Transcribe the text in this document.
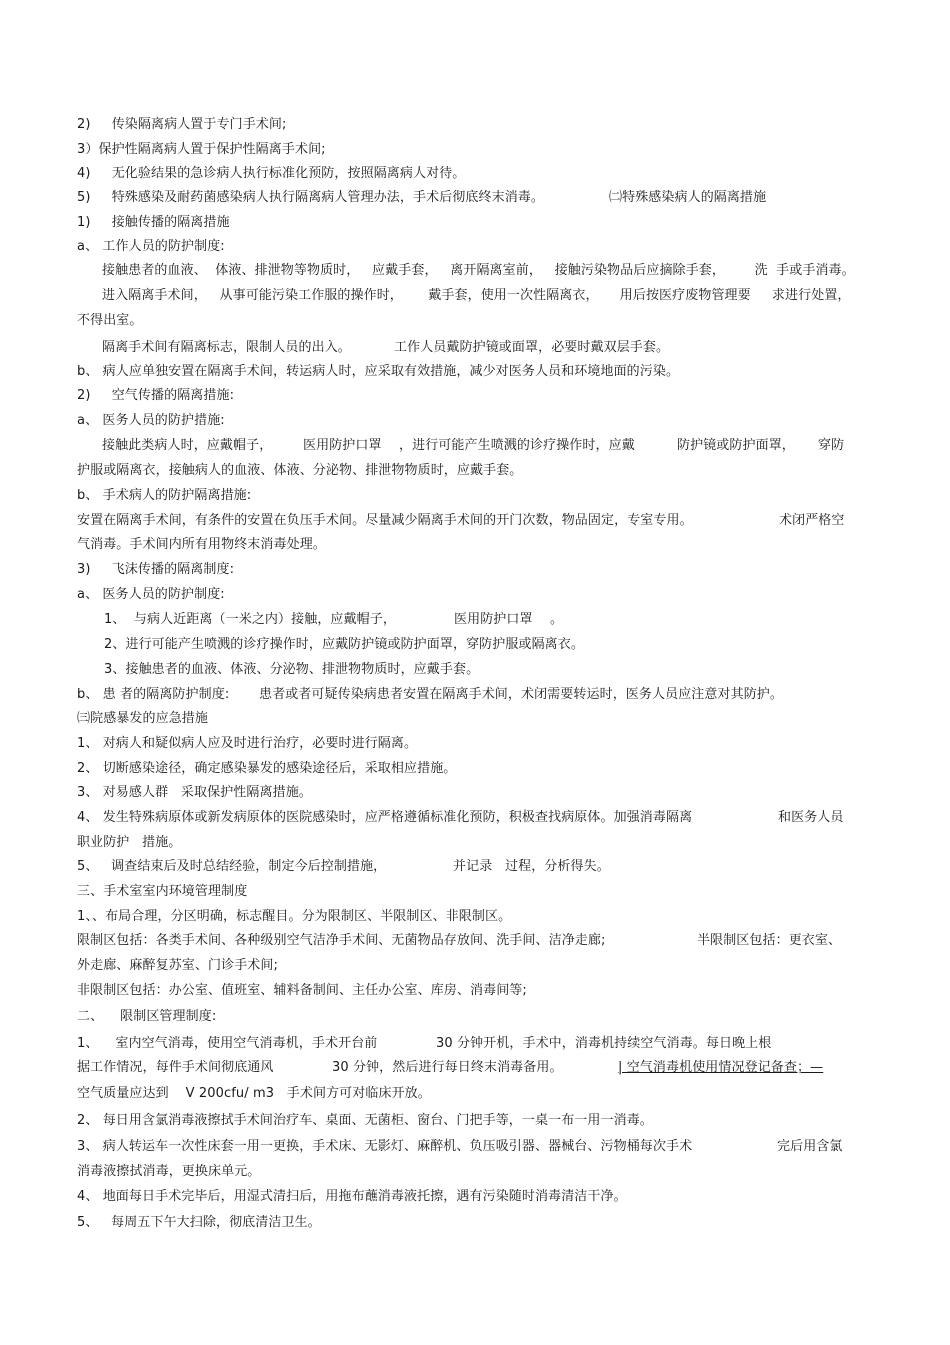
2)     传染隔离病人置于专门手术间;
3）保护性隔离病人置于保护性隔离手术间;
4)     无化验结果的急诊病人执行标准化预防，按照隔离病人对待。

5)     特殊感染及耐药菌感染病人执行隔离病人管理办法，手术后彻底终末消毒。

	㈡特殊感染病人的隔离措施

1)     接触传播的隔离措施
a、 工作人员的防护制度:
接触患者的血液、  体液、排泄物等物质时，   应戴手套，   离开隔离室前，   接触污染物品后应摘除手套，       洗  手或手消毒。
进入隔离手术间，   从事可能污染工作服的操作时，      戴手套，使用一次性隔离衣，     用后按医疗废物管理要     求进行处置，
不得出室。

隔离手术间有隔离标志，限制人员的出入。

	工作人员戴防护镜或面罩，必要时戴双层手套。

b、 病人应单独安置在隔离手术间，转运病人时，应采取有效措施，减少对医务人员和环境地面的污染。
2)     空气传播的隔离措施:
a、 医务人员的防护措施:

接触此类病人时，应戴帽子，

医用防护口罩

，进行可能产生喷溅的诊疗操作时，应戴

	防护镜或防护面罩，

穿防

护服或隔离衣，接触病人的血液、体液、分泌物、排泄物物质时，应戴手套。
b、 手术病人的防护隔离措施:

安置在隔离手术间，有条件的安置在负压手术间。尽量减少隔离手术间的开门次数，物品固定，专室专用。

	术闭严格空

气消毒。手术间内所有用物终末消毒处理。
3)     飞沫传播的隔离制度:
a、 医务人员的防护制度:

1、  与病人近距离（一米之内）接触，应戴帽子，

	医用防护口罩

。

2、进行可能产生喷溅的诊疗操作时，应戴防护镜或防护面罩，穿防护服或隔离衣。
3、接触患者的血液、体液、分泌物、排泄物物质时，应戴手套。

b、 患 者的隔离防护制度:

患者或者可疑传染病患者安置在隔离手术间，术闭需要转运时，医务人员应注意对其防护。

㈢院感暴发的应急措施
1、 对病人和疑似病人应及时进行治疗，必要时进行隔离。
2、 切断感染途径，确定感染暴发的感染途径后，采取相应措施。
3、 对易感人群   采取保护性隔离措施。

4、 发生特殊病原体或新发病原体的医院感染时，应严格遵循标准化预防，积极查找病原体。加强消毒隔离

	和医务人员

职业防护   措施。

5、   调查结束后及时总结经验，制定今后控制措施，

	并记录   过程，分析得失。

三、手术室室内环境管理制度
1、、布局合理，分区明确，标志醒目。分为限制区、半限制区、非限制区。

限制区包括：各类手术间、各种级别空气洁净手术间、无菌物品存放间、洗手间、洁净走廊;

	半限制区包括：更衣室、

外走廊、麻醉复苏室、门诊手术间;
非限制区包括：办公室、值班室、辅料备制间、主任办公室、库房、消毒间等;
二、    限制区管理制度:

1、    室内空气消毒，使用空气消毒机，手术开台前

	30 分钟开机，手术中，消毒机持续空气消毒。每日晚上根

据工作情况，每件手术间彻底通风

	30 分钟，然后进行每日终末消毒备用。

	| 空气消毒机使用情况登记备查；—

空气质量应达到    V 200cfu/ m3   手术间方可对临床开放。
2、 每日用含氯消毒液擦拭手术间治疗车、桌面、无菌柜、窗台、门把手等，一桌一布一用一消毒。

3、 病人转运车一次性床套一用一更换，手术床、无影灯、麻醉机、负压吸引器、器械台、污物桶每次手术

	完后用含氯

消毒液擦拭消毒，更换床单元。
4、 地面每日手术完毕后，用湿式清扫后，用拖布蘸消毒液托擦，遇有污染随时消毒清洁干净。
5、   每周五下午大扫除，彻底清洁卫生。
